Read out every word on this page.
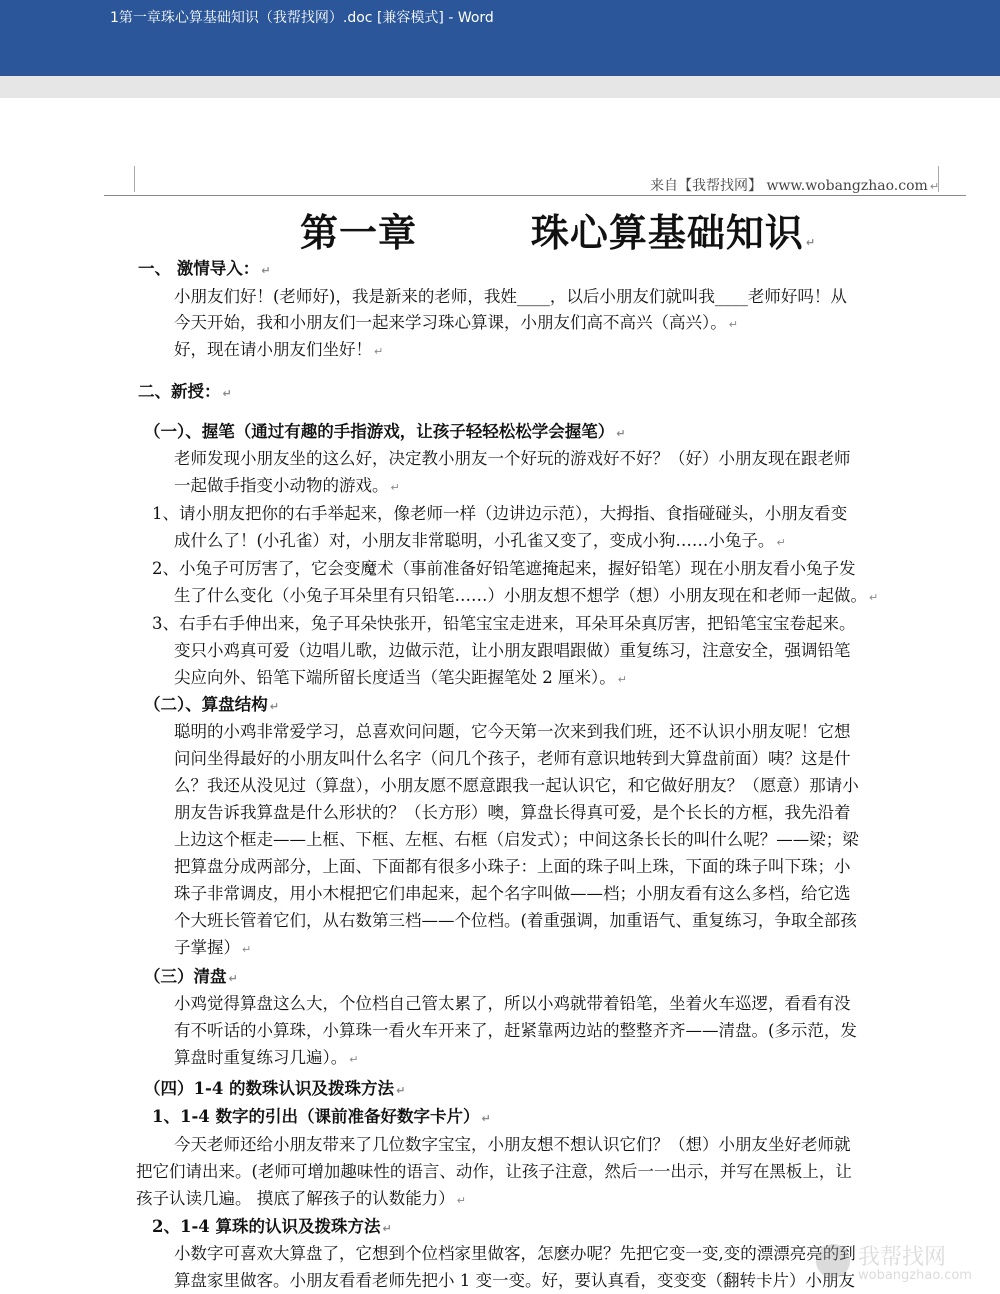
1第一章珠心算基础知识（我帮找网）.doc [兼容模式] - Word
来自【我帮找网】 www.wobangzhao.com ↵
第一章        珠心算基础知识 ↵
一、 激情导入： ↵
小朋友们好！(老师好)，我是新来的老师，我姓____，以后小朋友们就叫我____老师好吗！从
今天开始，我和小朋友们一起来学习珠心算课，小朋友们高不高兴（高兴）。 ↵
好，现在请小朋友们坐好！ ↵
二、新授： ↵
（一）、握笔（通过有趣的手指游戏，让孩子轻轻松松学会握笔） ↵
老师发现小朋友坐的这么好，决定教小朋友一个好玩的游戏好不好？（好）小朋友现在跟老师
一起做手指变小动物的游戏。 ↵
1、请小朋友把你的右手举起来，像老师一样（边讲边示范），大拇指、食指碰碰头，小朋友看变
成什么了！(小孔雀）对，小朋友非常聪明，小孔雀又变了，变成小狗……小兔子。 ↵
2、小兔子可厉害了，它会变魔术（事前准备好铅笔遮掩起来，握好铅笔）现在小朋友看小兔子发
生了什么变化（小兔子耳朵里有只铅笔……）小朋友想不想学（想）小朋友现在和老师一起做。 ↵
3、右手右手伸出来，兔子耳朵快张开，铅笔宝宝走进来，耳朵耳朵真厉害，把铅笔宝宝卷起来。
变只小鸡真可爱（边唱儿歌，边做示范，让小朋友跟唱跟做）重复练习，注意安全，强调铅笔
尖应向外、铅笔下端所留长度适当（笔尖距握笔处 2 厘米）。 ↵
（二）、算盘结构 ↵
聪明的小鸡非常爱学习，总喜欢问问题，它今天第一次来到我们班，还不认识小朋友呢！它想
问问坐得最好的小朋友叫什么名字（问几个孩子，老师有意识地转到大算盘前面）咦？这是什
么？我还从没见过（算盘），小朋友愿不愿意跟我一起认识它，和它做好朋友？（愿意）那请小
朋友告诉我算盘是什么形状的？（长方形）噢，算盘长得真可爱，是个长长的方框，我先沿着
上边这个框走——上框、下框、左框、右框（启发式）；中间这条长长的叫什么呢？——梁；梁
把算盘分成两部分，上面、下面都有很多小珠子：上面的珠子叫上珠，下面的珠子叫下珠；小
珠子非常调皮，用小木棍把它们串起来，起个名字叫做——档；小朋友看有这么多档，给它选
个大班长管着它们，从右数第三档——个位档。(着重强调，加重语气、重复练习，争取全部孩
子掌握） ↵
（三）清盘 ↵
小鸡觉得算盘这么大，个位档自己管太累了，所以小鸡就带着铅笔，坐着火车巡逻，看看有没
有不听话的小算珠，小算珠一看火车开来了，赶紧靠两边站的整整齐齐——清盘。(多示范，发
算盘时重复练习几遍）。 ↵
（四）1-4 的数珠认识及拨珠方法 ↵
1、1-4 数字的引出（课前准备好数字卡片） ↵
今天老师还给小朋友带来了几位数字宝宝，小朋友想不想认识它们？（想）小朋友坐好老师就
把它们请出来。(老师可增加趣味性的语言、动作，让孩子注意，然后一一出示，并写在黑板上，让
孩子认读几遍。 摸底了解孩子的认数能力） ↵
2、1-4 算珠的认识及拨珠方法 ↵
小数字可喜欢大算盘了，它想到个位档家里做客，怎麽办呢？先把它变一变,变的漂漂亮亮的到
算盘家里做客。小朋友看看老师先把小 1 变一变。好，要认真看，变变变（翻转卡片）小朋友
我帮找网
wobangzhao.com
